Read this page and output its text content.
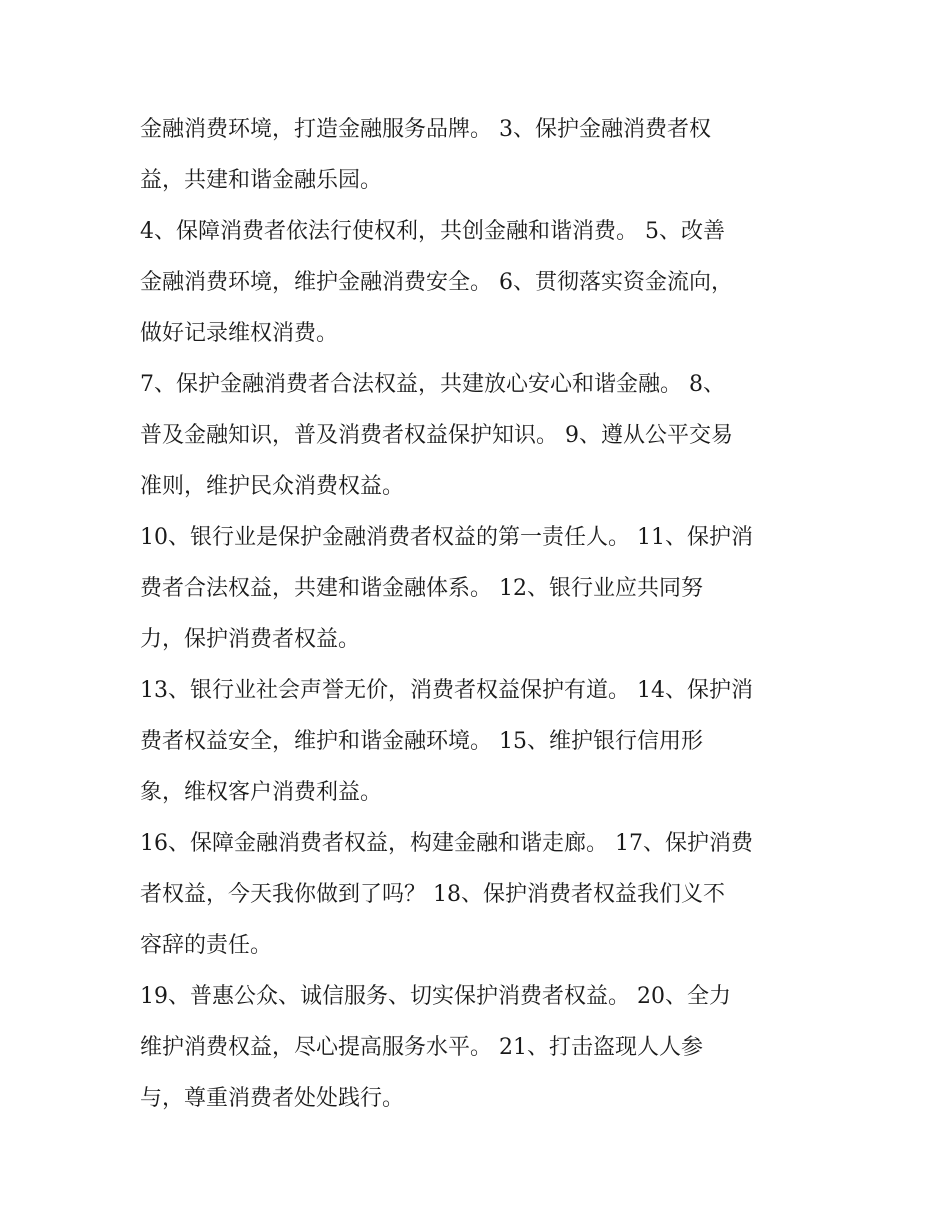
金融消费环境，打造金融服务品牌。 3、保护金融消费者权
益，共建和谐金融乐园。
4、保障消费者依法行使权利，共创金融和谐消费。 5、改善
金融消费环境，维护金融消费安全。 6、贯彻落实资金流向，
做好记录维权消费。
7、保护金融消费者合法权益，共建放心安心和谐金融。 8、
普及金融知识，普及消费者权益保护知识。 9、遵从公平交易
准则，维护民众消费权益。
10、银行业是保护金融消费者权益的第一责任人。 11、保护消
费者合法权益，共建和谐金融体系。 12、银行业应共同努
力，保护消费者权益。
13、银行业社会声誉无价，消费者权益保护有道。 14、保护消
费者权益安全，维护和谐金融环境。 15、维护银行信用形
象，维权客户消费利益。
16、保障金融消费者权益，构建金融和谐走廊。 17、保护消费
者权益，今天我你做到了吗？ 18、保护消费者权益我们义不
容辞的责任。
19、普惠公众、诚信服务、切实保护消费者权益。 20、全力
维护消费权益，尽心提高服务水平。 21、打击盗现人人参
与，尊重消费者处处践行。
